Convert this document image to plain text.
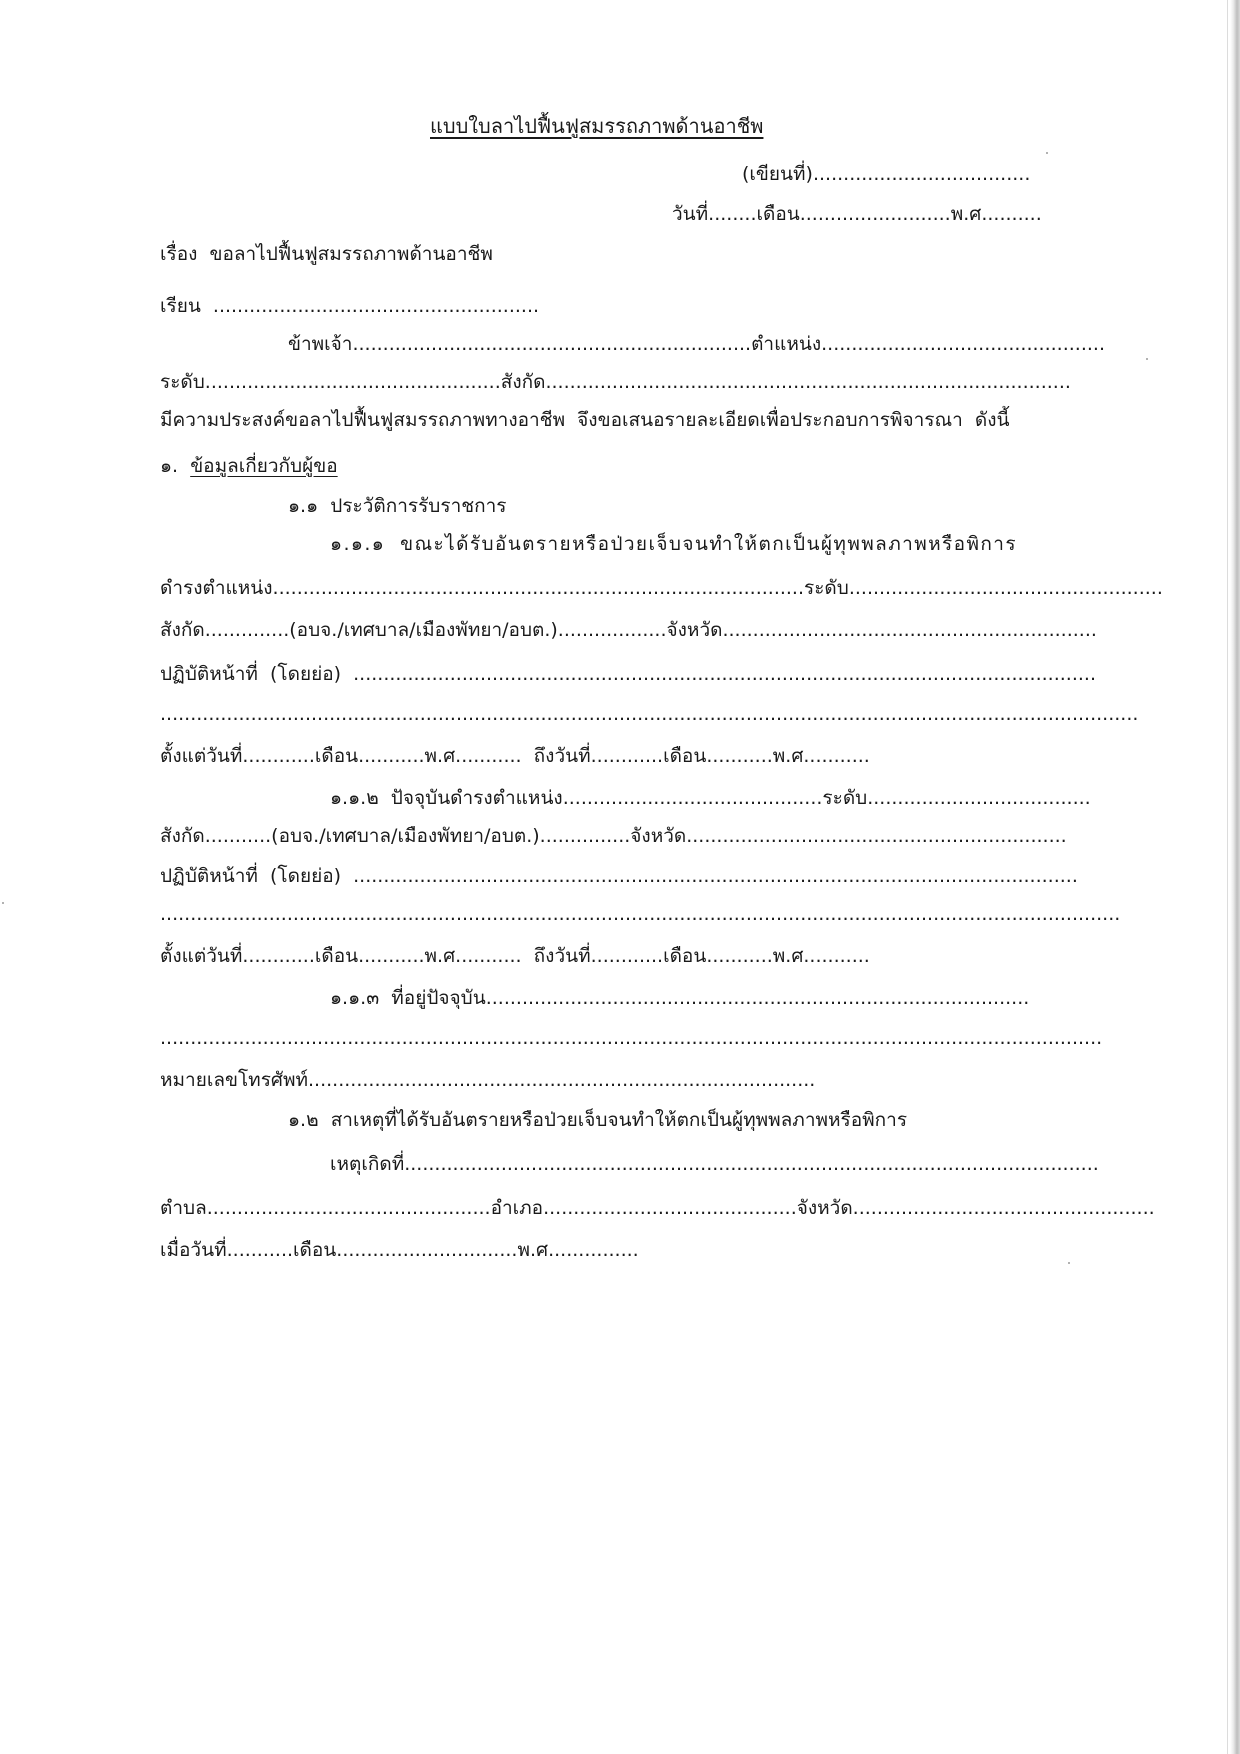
แบบใบลาไปฟื้นฟูสมรรถภาพด้านอาชีพ

(เขียนที่)....................................

วันที่........เดือน.........................พ.ศ..........

เรื่อง  ขอลาไปฟื้นฟูสมรรถภาพด้านอาชีพ

เรียน  ......................................................

ข้าพเจ้า..................................................................ตำแหน่ง...............................................

ระดับ.................................................สังกัด.......................................................................................

มีความประสงค์ขอลาไปฟื้นฟูสมรรถภาพทางอาชีพ  จึงขอเสนอรายละเอียดเพื่อประกอบการพิจารณา  ดังนี้

๑.  ข้อมูลเกี่ยวกับผู้ขอ

๑.๑  ประวัติการรับราชการ

๑.๑.๑  ขณะได้รับอันตรายหรือป่วยเจ็บจนทำให้ตกเป็นผู้ทุพพลภาพหรือพิการ

ดำรงตำแหน่ง........................................................................................ระดับ....................................................

สังกัด..............(อบจ./เทศบาล/เมืองพัทยา/อบต.)..................จังหวัด..............................................................

ปฏิบัติหน้าที่  (โดยย่อ)  ...........................................................................................................................

..................................................................................................................................................................

ตั้งแต่วันที่............เดือน...........พ.ศ...........  ถึงวันที่............เดือน...........พ.ศ...........

๑.๑.๒  ปัจจุบันดำรงตำแหน่ง...........................................ระดับ.....................................

สังกัด...........(อบจ./เทศบาล/เมืองพัทยา/อบต.)...............จังหวัด...............................................................

ปฏิบัติหน้าที่  (โดยย่อ)  ........................................................................................................................

...............................................................................................................................................................

ตั้งแต่วันที่............เดือน...........พ.ศ...........  ถึงวันที่............เดือน...........พ.ศ...........

๑.๑.๓  ที่อยู่ปัจจุบัน..........................................................................................

............................................................................................................................................................

หมายเลขโทรศัพท์....................................................................................

๑.๒  สาเหตุที่ได้รับอันตรายหรือป่วยเจ็บจนทำให้ตกเป็นผู้ทุพพลภาพหรือพิการ

เหตุเกิดที่...................................................................................................................

ตำบล...............................................อำเภอ..........................................จังหวัด..................................................

เมื่อวันที่...........เดือน..............................พ.ศ...............
